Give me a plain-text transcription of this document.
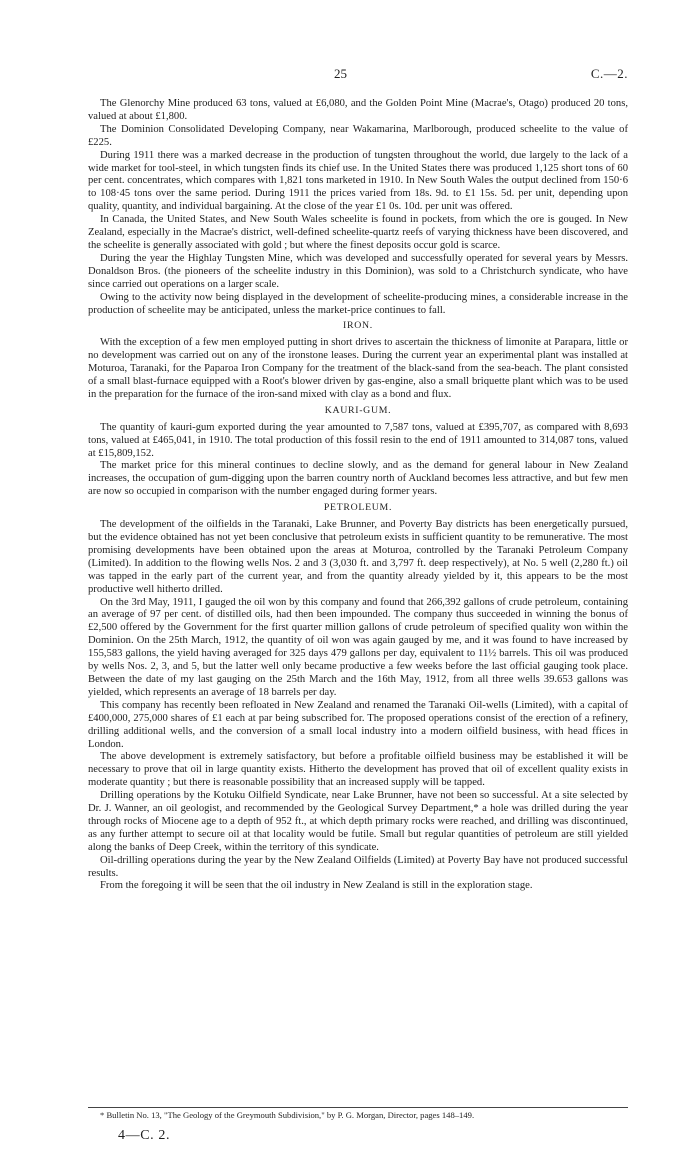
25	C.—2.

The Glenorchy Mine produced 63 tons, valued at £6,080, and the Golden Point Mine (Macrae's, Otago) produced 20 tons, valued at about £1,800.

The Dominion Consolidated Developing Company, near Wakamarina, Marlborough, produced scheelite to the value of £225.

During 1911 there was a marked decrease in the production of tungsten throughout the world, due largely to the lack of a wide market for tool-steel, in which tungsten finds its chief use. In the United States there was produced 1,125 short tons of 60 per cent. concentrates, which compares with 1,821 tons marketed in 1910. In New South Wales the output declined from 150·6 to 108·45 tons over the same period. During 1911 the prices varied from 18s. 9d. to £1 15s. 5d. per unit, depending upon quality, quantity, and individual bargaining. At the close of the year £1 0s. 10d. per unit was offered.

In Canada, the United States, and New South Wales scheelite is found in pockets, from which the ore is gouged. In New Zealand, especially in the Macrae's district, well-defined scheelite-quartz reefs of varying thickness have been discovered, and the scheelite is generally associated with gold ; but where the finest deposits occur gold is scarce.

During the year the Highlay Tungsten Mine, which was developed and successfully operated for several years by Messrs. Donaldson Bros. (the pioneers of the scheelite industry in this Dominion), was sold to a Christchurch syndicate, who have since carried out operations on a larger scale.

Owing to the activity now being displayed in the development of scheelite-producing mines, a considerable increase in the production of scheelite may be anticipated, unless the market-price continues to fall.

IRON.

With the exception of a few men employed putting in short drives to ascertain the thickness of limonite at Parapara, little or no development was carried out on any of the ironstone leases. During the current year an experimental plant was installed at Moturoa, Taranaki, for the Paparoa Iron Company for the treatment of the black-sand from the sea-beach. The plant consisted of a small blast-furnace equipped with a Root's blower driven by gas-engine, also a small briquette plant which was to be used in the preparation for the furnace of the iron-sand mixed with clay as a bond and flux.

KAURI-GUM.

The quantity of kauri-gum exported during the year amounted to 7,587 tons, valued at £395,707, as compared with 8,693 tons, valued at £465,041, in 1910. The total production of this fossil resin to the end of 1911 amounted to 314,087 tons, valued at £15,809,152.

The market price for this mineral continues to decline slowly, and as the demand for general labour in New Zealand increases, the occupation of gum-digging upon the barren country north of Auckland becomes less attractive, and but few men are now so occupied in comparison with the number engaged during former years.

PETROLEUM.

The development of the oilfields in the Taranaki, Lake Brunner, and Poverty Bay districts has been energetically pursued, but the evidence obtained has not yet been conclusive that petroleum exists in sufficient quantity to be remunerative. The most promising developments have been obtained upon the areas at Moturoa, controlled by the Taranaki Petroleum Company (Limited). In addition to the flowing wells Nos. 2 and 3 (3,030 ft. and 3,797 ft. deep respectively), at No. 5 well (2,280 ft.) oil was tapped in the early part of the current year, and from the quantity already yielded by it, this appears to be the most productive well hitherto drilled.

On the 3rd May, 1911, I gauged the oil won by this company and found that 266,392 gallons of crude petroleum, containing an average of 97 per cent. of distilled oils, had then been impounded. The company thus succeeded in winning the bonus of £2,500 offered by the Government for the first quarter million gallons of crude petroleum of specified quality won within the Dominion. On the 25th March, 1912, the quantity of oil won was again gauged by me, and it was found to have increased by 155,583 gallons, the yield having averaged for 325 days 479 gallons per day, equivalent to 11½ barrels. This oil was produced by wells Nos. 2, 3, and 5, but the latter well only became productive a few weeks before the last official gauging took place. Between the date of my last gauging on the 25th March and the 16th May, 1912, from all three wells 39.653 gallons was yielded, which represents an average of 18 barrels per day.

This company has recently been refloated in New Zealand and renamed the Taranaki Oil-wells (Limited), with a capital of £400,000, 275,000 shares of £1 each at par being subscribed for. The proposed operations consist of the erection of a refinery, drilling additional wells, and the conversion of a small local industry into a modern oilfield business, with head ffices in London.

The above development is extremely satisfactory, but before a profitable oilfield business may be established it will be necessary to prove that oil in large quantity exists. Hitherto the development has proved that oil of excellent quality exists in moderate quantity ; but there is reasonable possibility that an increased supply will be tapped.

Drilling operations by the Kotuku Oilfield Syndicate, near Lake Brunner, have not been so successful. At a site selected by Dr. J. Wanner, an oil geologist, and recommended by the Geological Survey Department,* a hole was drilled during the year through rocks of Miocene age to a depth of 952 ft., at which depth primary rocks were reached, and drilling was discontinued, as any further attempt to secure oil at that locality would be futile. Small but regular quantities of petroleum are still yielded along the banks of Deep Creek, within the territory of this syndicate.

Oil-drilling operations during the year by the New Zealand Oilfields (Limited) at Poverty Bay have not produced successful results.

From the foregoing it will be seen that the oil industry in New Zealand is still in the exploration stage.

* Bulletin No. 13, "The Geology of the Greymouth Subdivision," by P. G. Morgan, Director, pages 148–149.
4—C. 2.
